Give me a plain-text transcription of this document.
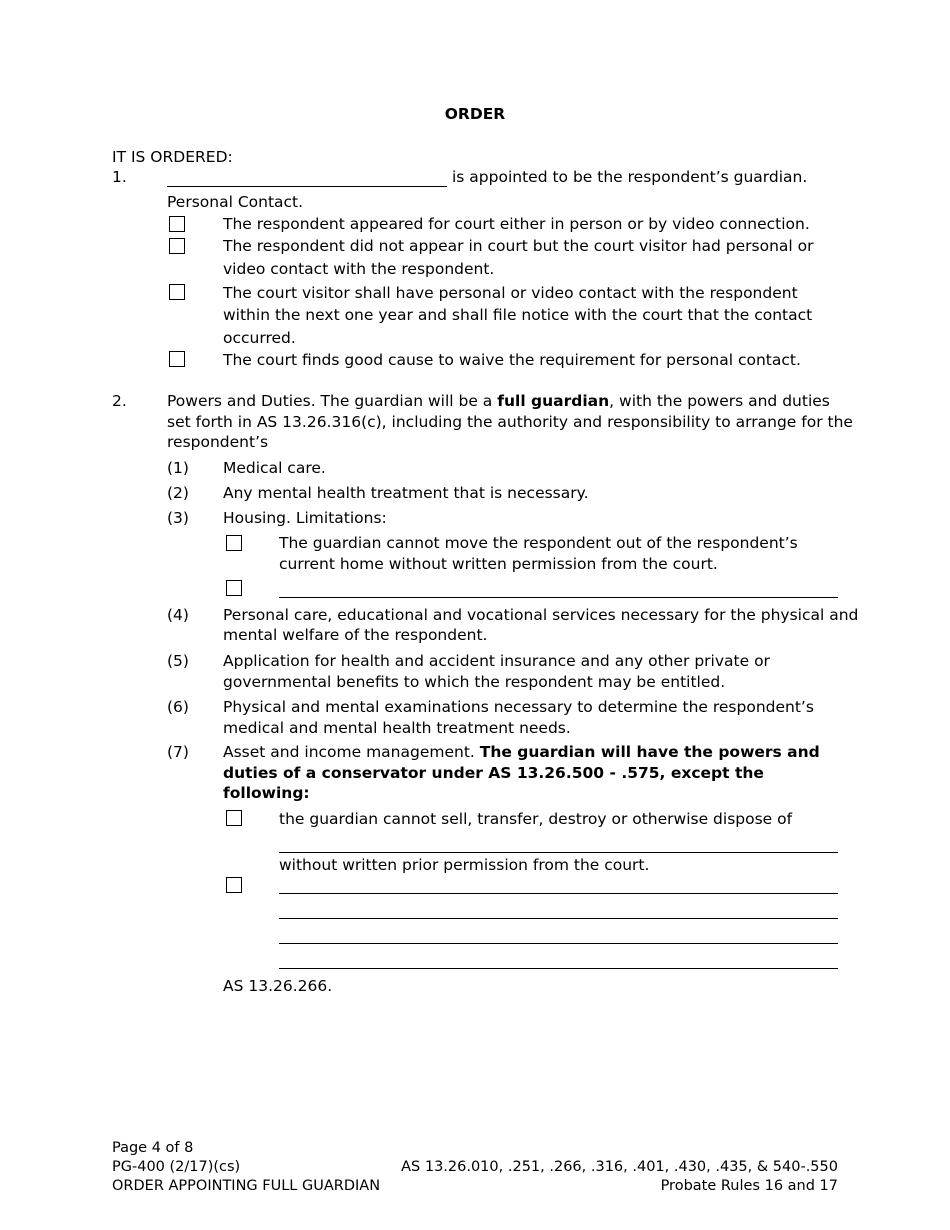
ORDER
IT IS ORDERED:
1.	is appointed to be the respondent’s guardian.
Personal Contact.
The respondent appeared for court either in person or by video connection.
The respondent did not appear in court but the court visitor had personal or
video contact with the respondent.
The court visitor shall have personal or video contact with the respondent
within the next one year and shall file notice with the court that the contact
occurred.
The court finds good cause to waive the requirement for personal contact.
2.	Powers and Duties. The guardian will be a full guardian, with the powers and duties
set forth in AS 13.26.316(c), including the authority and responsibility to arrange for the
respondent’s
(1) Medical care.
(2) Any mental health treatment that is necessary.
(3) Housing. Limitations:
The guardian cannot move the respondent out of the respondent’s
current home without written permission from the court.
(4) Personal care, educational and vocational services necessary for the physical and
mental welfare of the respondent.
(5) Application for health and accident insurance and any other private or
governmental benefits to which the respondent may be entitled.
(6) Physical and mental examinations necessary to determine the respondent’s
medical and mental health treatment needs.
(7) Asset and income management. The guardian will have the powers and
duties of a conservator under AS 13.26.500 - .575, except the
following:
the guardian cannot sell, transfer, destroy or otherwise dispose of
without written prior permission from the court.
AS 13.26.266.
Page 4 of 8
PG-400 (2/17)(cs)
ORDER APPOINTING FULL GUARDIAN
AS 13.26.010, .251, .266, .316, .401, .430, .435, & 540-.550
Probate Rules 16 and 17
